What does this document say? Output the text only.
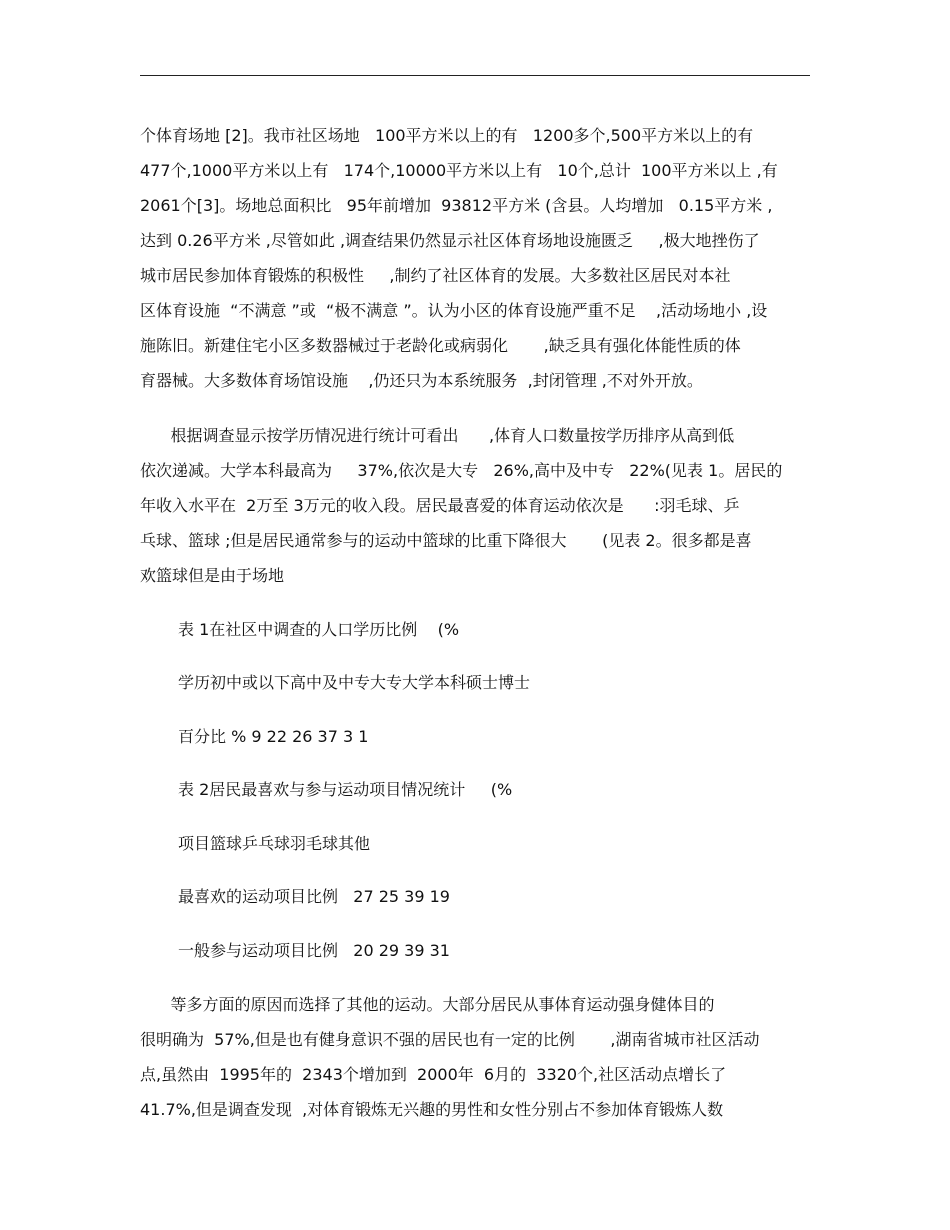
个体育场地 [2]。我市社区场地   100平方米以上的有   1200多个,500平方米以上的有

477个,1000平方米以上有   174个,10000平方米以上有   10个,总计  100平方米以上 ,有

2061个[3]。场地总面积比   95年前增加  93812平方米 (含县。人均增加   0.15平方米 ,

达到 0.26平方米 ,尽管如此 ,调查结果仍然显示社区体育场地设施匮乏     ,极大地挫伤了

城市居民参加体育锻炼的积极性     ,制约了社区体育的发展。大多数社区居民对本社

区体育设施  “不满意 ”或  “极不满意 ”。认为小区的体育设施严重不足    ,活动场地小 ,设

施陈旧。新建住宅小区多数器械过于老龄化或病弱化       ,缺乏具有强化体能性质的体

育器械。大多数体育场馆设施    ,仍还只为本系统服务  ,封闭管理 ,不对外开放。

根据调查显示按学历情况进行统计可看出      ,体育人口数量按学历排序从高到低

依次递减。大学本科最高为     37%,依次是大专   26%,高中及中专   22%(见表 1。居民的

年收入水平在  2万至 3万元的收入段。居民最喜爱的体育运动依次是      :羽毛球、乒

乓球、篮球 ;但是居民通常参与的运动中篮球的比重下降很大       (见表 2。很多都是喜

欢篮球但是由于场地

表 1在社区中调查的人口学历比例    (%

学历初中或以下高中及中专大专大学本科硕士博士

百分比 % 9 22 26 37 3 1

表 2居民最喜欢与参与运动项目情况统计     (%

项目篮球乒乓球羽毛球其他

最喜欢的运动项目比例   27 25 39 19

一般参与运动项目比例   20 29 39 31

等多方面的原因而选择了其他的运动。大部分居民从事体育运动强身健体目的

很明确为  57%,但是也有健身意识不强的居民也有一定的比例       ,湖南省城市社区活动

点,虽然由  1995年的  2343个增加到  2000年  6月的  3320个,社区活动点增长了

41.7%,但是调查发现  ,对体育锻炼无兴趣的男性和女性分别占不参加体育锻炼人数
